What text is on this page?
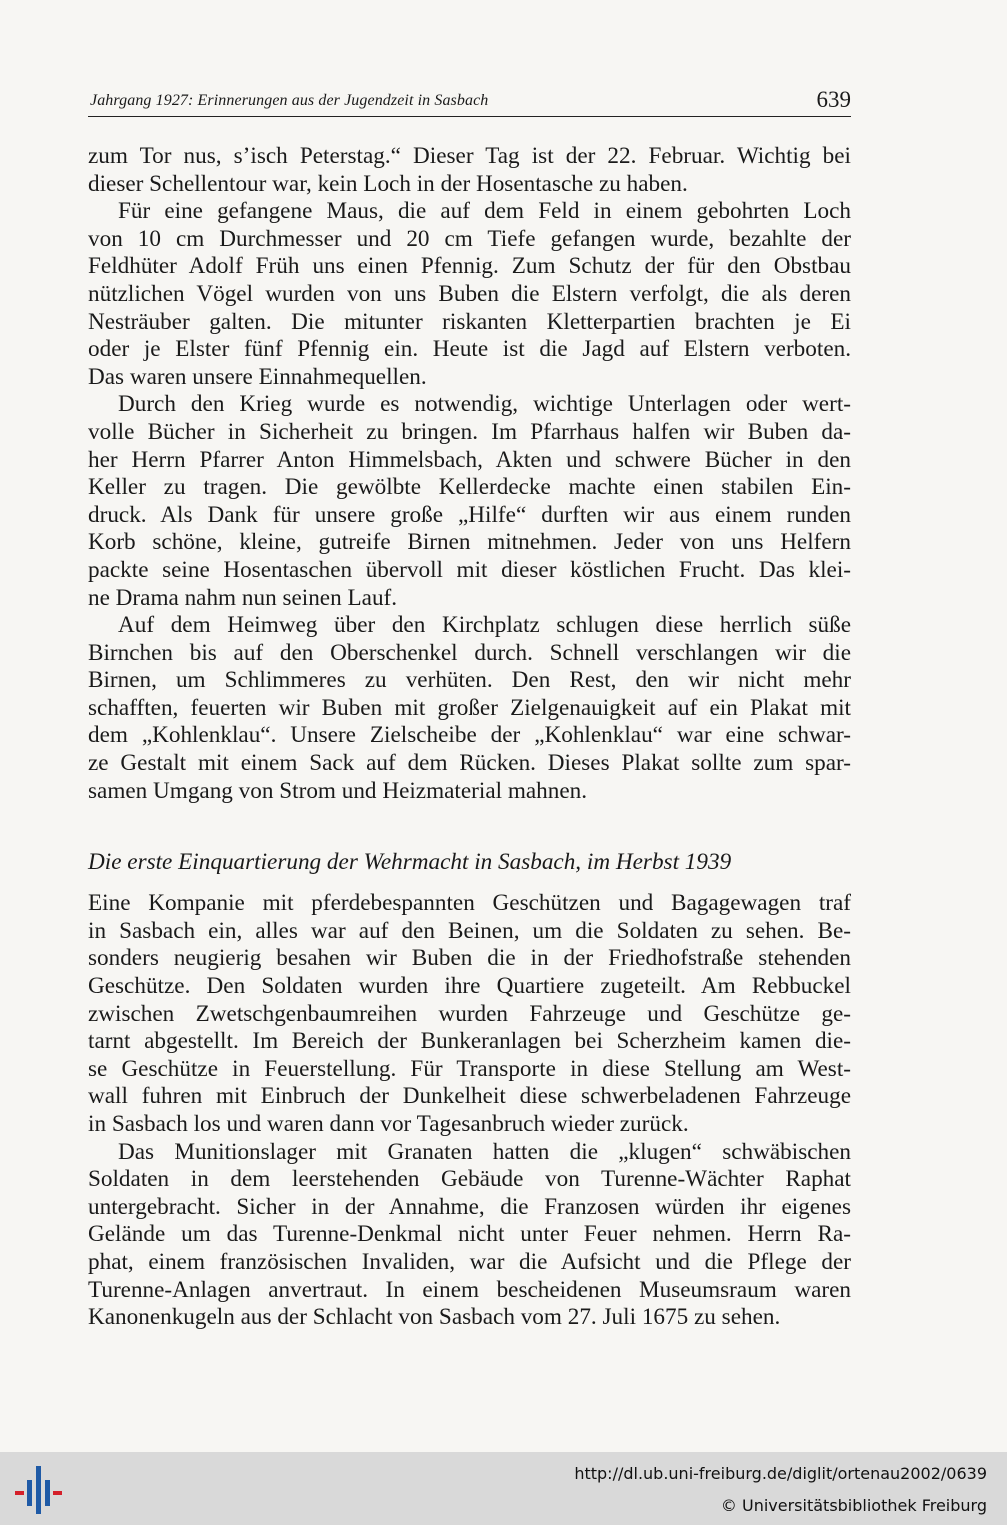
Jahrgang 1927: Erinnerungen aus der Jugendzeit in Sasbach	639

zum Tor nus, s’isch Peterstag.“ Dieser Tag ist der 22. Februar. Wichtig bei
dieser Schellentour war, kein Loch in der Hosentasche zu haben.

Für eine gefangene Maus, die auf dem Feld in einem gebohrten Loch
von 10 cm Durchmesser und 20 cm Tiefe gefangen wurde, bezahlte der
Feldhüter Adolf Früh uns einen Pfennig. Zum Schutz der für den Obstbau
nützlichen Vögel wurden von uns Buben die Elstern verfolgt, die als deren
Nesträuber galten. Die mitunter riskanten Kletterpartien brachten je Ei
oder je Elster fünf Pfennig ein. Heute ist die Jagd auf Elstern verboten.
Das waren unsere Einnahmequellen.

Durch den Krieg wurde es notwendig, wichtige Unterlagen oder wert-
volle Bücher in Sicherheit zu bringen. Im Pfarrhaus halfen wir Buben da-
her Herrn Pfarrer Anton Himmelsbach, Akten und schwere Bücher in den
Keller zu tragen. Die gewölbte Kellerdecke machte einen stabilen Ein-
druck. Als Dank für unsere große „Hilfe“ durften wir aus einem runden
Korb schöne, kleine, gutreife Birnen mitnehmen. Jeder von uns Helfern
packte seine Hosentaschen übervoll mit dieser köstlichen Frucht. Das klei-
ne Drama nahm nun seinen Lauf.

Auf dem Heimweg über den Kirchplatz schlugen diese herrlich süße
Birnchen bis auf den Oberschenkel durch. Schnell verschlangen wir die
Birnen, um Schlimmeres zu verhüten. Den Rest, den wir nicht mehr
schafften, feuerten wir Buben mit großer Zielgenauigkeit auf ein Plakat mit
dem „Kohlenklau“. Unsere Zielscheibe der „Kohlenklau“ war eine schwar-
ze Gestalt mit einem Sack auf dem Rücken. Dieses Plakat sollte zum spar-
samen Umgang von Strom und Heizmaterial mahnen.

Die erste Einquartierung der Wehrmacht in Sasbach, im Herbst 1939

Eine Kompanie mit pferdebespannten Geschützen und Bagagewagen traf
in Sasbach ein, alles war auf den Beinen, um die Soldaten zu sehen. Be-
sonders neugierig besahen wir Buben die in der Friedhofstraße stehenden
Geschütze. Den Soldaten wurden ihre Quartiere zugeteilt. Am Rebbuckel
zwischen Zwetschgenbaumreihen wurden Fahrzeuge und Geschütze ge-
tarnt abgestellt. Im Bereich der Bunkeranlagen bei Scherzheim kamen die-
se Geschütze in Feuerstellung. Für Transporte in diese Stellung am West-
wall fuhren mit Einbruch der Dunkelheit diese schwerbeladenen Fahrzeuge
in Sasbach los und waren dann vor Tagesanbruch wieder zurück.

Das Munitionslager mit Granaten hatten die „klugen“ schwäbischen
Soldaten in dem leerstehenden Gebäude von Turenne-Wächter Raphat
untergebracht. Sicher in der Annahme, die Franzosen würden ihr eigenes
Gelände um das Turenne-Denkmal nicht unter Feuer nehmen. Herrn Ra-
phat, einem französischen Invaliden, war die Aufsicht und die Pflege der
Turenne-Anlagen anvertraut. In einem bescheidenen Museumsraum waren
Kanonenkugeln aus der Schlacht von Sasbach vom 27. Juli 1675 zu sehen.

http://dl.ub.uni-freiburg.de/diglit/ortenau2002/0639
© Universitätsbibliothek Freiburg
